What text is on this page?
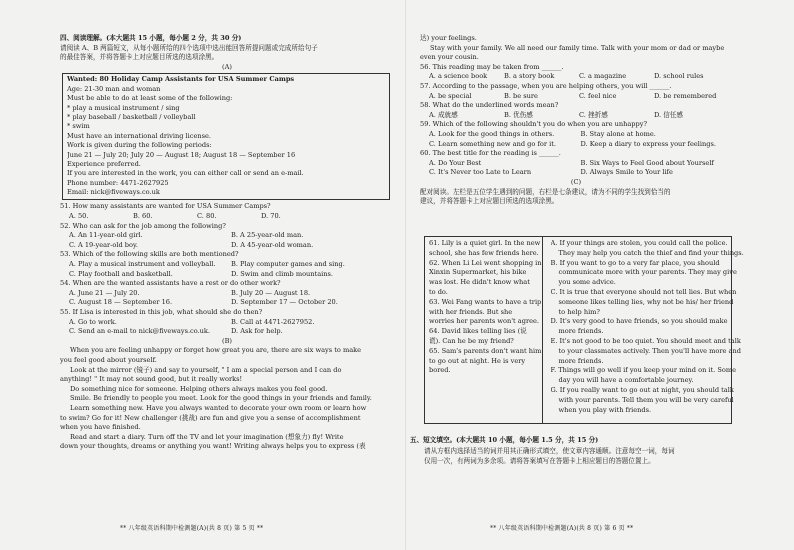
四、阅读理解。(本大题共 15 小题，每小题 2 分，共 30 分)
请阅读 A、B 两篇短文，从每小题所给的四个选项中选出能回答所提问题或完成所给句子
的最佳答案，并将答题卡上对应题目所选的选项涂黑。
(A)
Wanted: 80 Holiday Camp Assistants for USA Summer Camps
Age: 21-30 man and woman
Must be able to do at least some of the following:
* play a musical instrument / sing
* play baseball / basketball / volleyball
* swim
Must have an international driving license.
Work is given during the following periods:
June 21 — July 20; July 20 — August 18; August 18 — September 16
Experience preferred.
If you are interested in the work, you can either call or send an e-mail.
Phone number: 4471-2627925
Email: nick@fiveways.co.uk
51. How many assistants are wanted for USA Summer Camps?
A. 50.	B. 60.	C. 80.	D. 70.
52. Who can ask for the job among the following?
A. An 11-year-old girl.	B. A 25-year-old man.
C. A 19-year-old boy.	D. A 45-year-old woman.
53. Which of the following skills are both mentioned?
A. Play a musical instrument and volleyball.	B. Play computer games and sing.
C. Play football and basketball.	D. Swim and climb mountains.
54. When are the wanted assistants have a rest or do other work?
A. June 21 — July 20.	B. July 20 — August 18.
C. August 18 — September 16.	D. September 17 — October 20.
55. If Lisa is interested in this job, what should she do then?
A. Go to work.	B. Call at 4471-2627952.
C. Send an e-mail to nick@fiveways.co.uk.	D. Ask for help.
(B)
When you are feeling unhappy or forget how great you are, there are six ways to make
you feel good about yourself.
Look at the mirror (镜子) and say to yourself, " I am a special person and I can do
anything! " It may not sound good, but it really works!
Do something nice for someone. Helping others always makes you feel good.
Smile. Be friendly to people you meet. Look for the good things in your friends and family.
Learn something new. Have you always wanted to decorate your own room or learn how
to swim? Go for it! New challenger (挑战) are fun and give you a sense of accomplishment
when you have finished.
Read and start a diary. Turn off the TV and let your imagination (想象力) fly! Write
down your thoughts, dreams or anything you want! Writing always helps you to express (表
达) your feelings.
Stay with your family. We all need our family time. Talk with your mom or dad or maybe
even your cousin.
56. This reading may be taken from ______.
A. a science book	B. a story book	C. a magazine	D. school rules
57. According to the passage, when you are helping others, you will ______.
A. be special	B. be sure	C. feel nice	D. be remembered
58. What do the underlined words mean?
A. 成就感	B. 优伤感	C. 挫折感	D. 信任感
59. Which of the following shouldn't you do when you are unhappy?
A. Look for the good things in others.	B. Stay alone at home.
C. Learn something new and go for it.	D. Keep a diary to express your feelings.
60. The best title for the reading is ______.
A. Do Your Best	B. Six Ways to Feel Good about Yourself
C. It's Never too Late to Learn	D. Always Smile to Your life
(C)
配对阅读。左栏是五位学生遇到的问题，右栏是七条建议，请为不同的学生找到恰当的
建议，并将答题卡上对应题目所选的选项涂黑。
61. Lily is a quiet girl. In the new
school, she has few friends here.
62. When Li Lei went shopping in
Xinxin Supermarket, his bike
was lost. He didn't know what
to do.
63. Wei Fang wants to have a trip
with her friends. But she
worries her parents won't agree.
64. David likes telling lies (说
谎). Can he be my friend?
65. Sam's parents don't want him
to go out at night. He is very
bored.
A. If your things are stolen, you could call the police.
They may help you catch the thief and find your things.
B. If you want to go to a very far place, you should
communicate more with your parents. They may give
you some advice.
C. It is true that everyone should not tell lies. But when
someone likes telling lies, why not be his/ her friend
to help him?
D. It's very good to have friends, so you should make
more friends.
E. It's not good to be too quiet. You should meet and talk
to your classmates actively. Then you'll have more and
more friends.
F. Things will go well if you keep your mind on it. Some
day you will have a comfortable journey.
G. If you really want to go out at night, you should talk
with your parents. Tell them you will be very careful
when you play with friends.
五、短文填空。(本大题共 10 小题，每小题 1.5 分，共 15 分)
请从方框内选择适当的词并用其正确形式填空，使文章内容通顺。注意每空一词，每词
仅用一次，有两词为多余项。请将答案填写在答题卡上相应题目的答题位置上。
** 八年级英语科期中检测题(A)(共 8 页) 第 5 页 **	** 八年级英语科期中检测题(A)(共 8 页) 第 6 页 **
